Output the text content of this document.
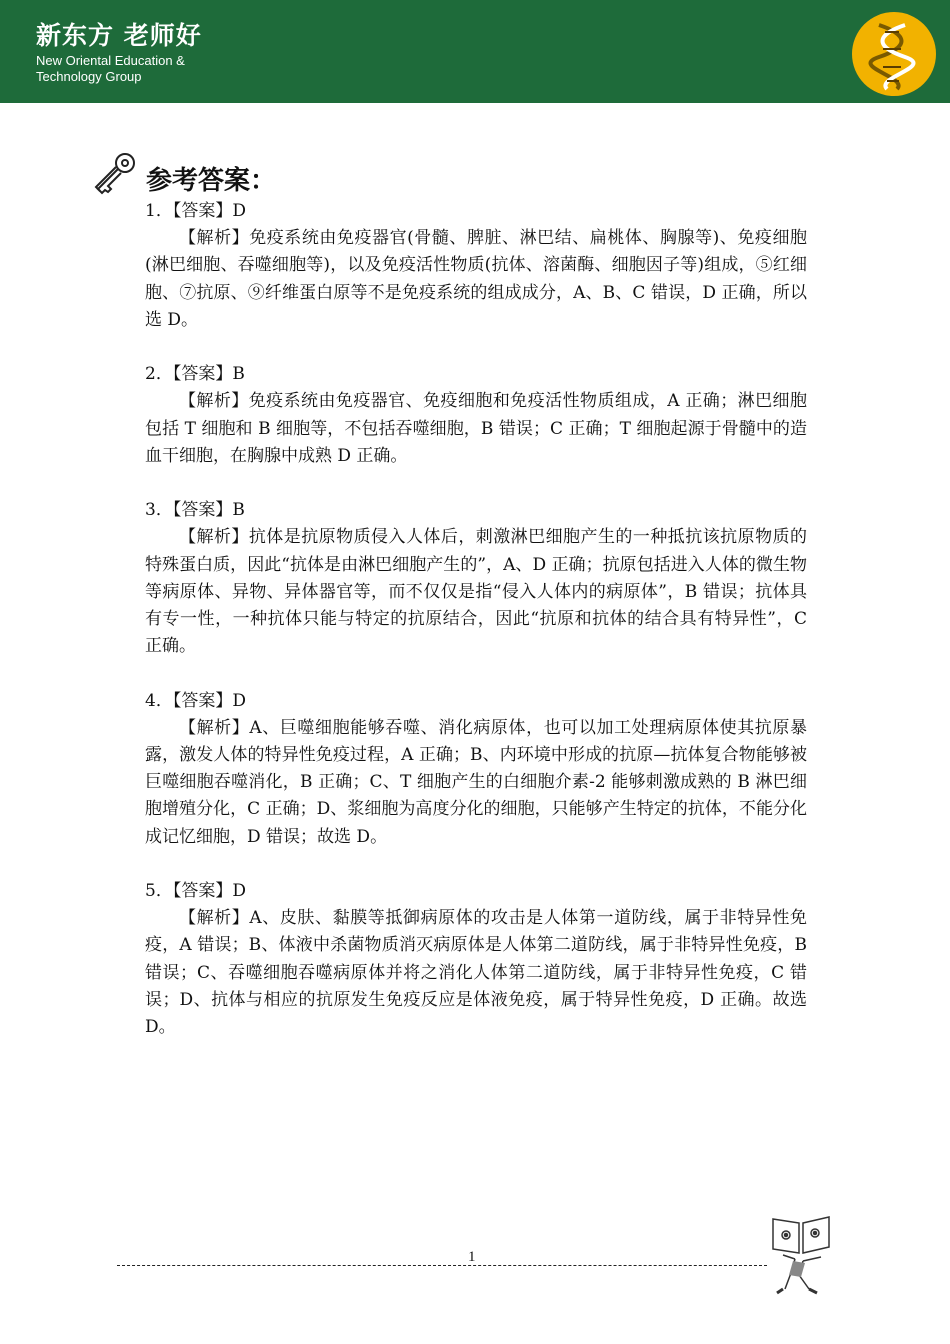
新东方 老师好
New Oriental Education & Technology Group
参考答案：
1．【答案】D
【解析】免疫系统由免疫器官(骨髓、脾脏、淋巴结、扁桃体、胸腺等)、免疫细胞(淋巴细胞、吞噬细胞等)，以及免疫活性物质(抗体、溶菌酶、细胞因子等)组成，⑤红细胞、⑦抗原、⑨纤维蛋白原等不是免疫系统的组成成分，A、B、C 错误，D 正确，所以选 D。
2．【答案】B
【解析】免疫系统由免疫器官、免疫细胞和免疫活性物质组成，A 正确；淋巴细胞包括 T 细胞和 B 细胞等，不包括吞噬细胞，B 错误；C 正确；T 细胞起源于骨髓中的造血干细胞，在胸腺中成熟 D 正确。
3．【答案】B
【解析】抗体是抗原物质侵入人体后，刺激淋巴细胞产生的一种抵抗该抗原物质的特殊蛋白质，因此“抗体是由淋巴细胞产生的”，A、D 正确；抗原包括进入人体的微生物等病原体、异物、异体器官等，而不仅仅是指“侵入人体内的病原体”，B 错误；抗体具有专一性，一种抗体只能与特定的抗原结合，因此“抗原和抗体的结合具有特异性”，C 正确。
4．【答案】D
【解析】A、巨噬细胞能够吞噬、消化病原体，也可以加工处理病原体使其抗原暴露，激发人体的特异性免疫过程，A 正确；B、内环境中形成的抗原—抗体复合物能够被巨噬细胞吞噬消化，B 正确；C、T 细胞产生的白细胞介素-2 能够刺激成熟的 B 淋巴细胞增殖分化，C 正确；D、浆细胞为高度分化的细胞，只能够产生特定的抗体，不能分化成记忆细胞，D 错误；故选 D。
5．【答案】D
【解析】A、皮肤、黏膜等抵御病原体的攻击是人体第一道防线，属于非特异性免疫，A 错误；B、体液中杀菌物质消灭病原体是人体第二道防线，属于非特异性免疫，B 错误；C、吞噬细胞吞噬病原体并将之消化人体第二道防线，属于非特异性免疫，C 错误；D、抗体与相应的抗原发生免疫反应是体液免疫，属于特异性免疫，D 正确。故选 D。
1
